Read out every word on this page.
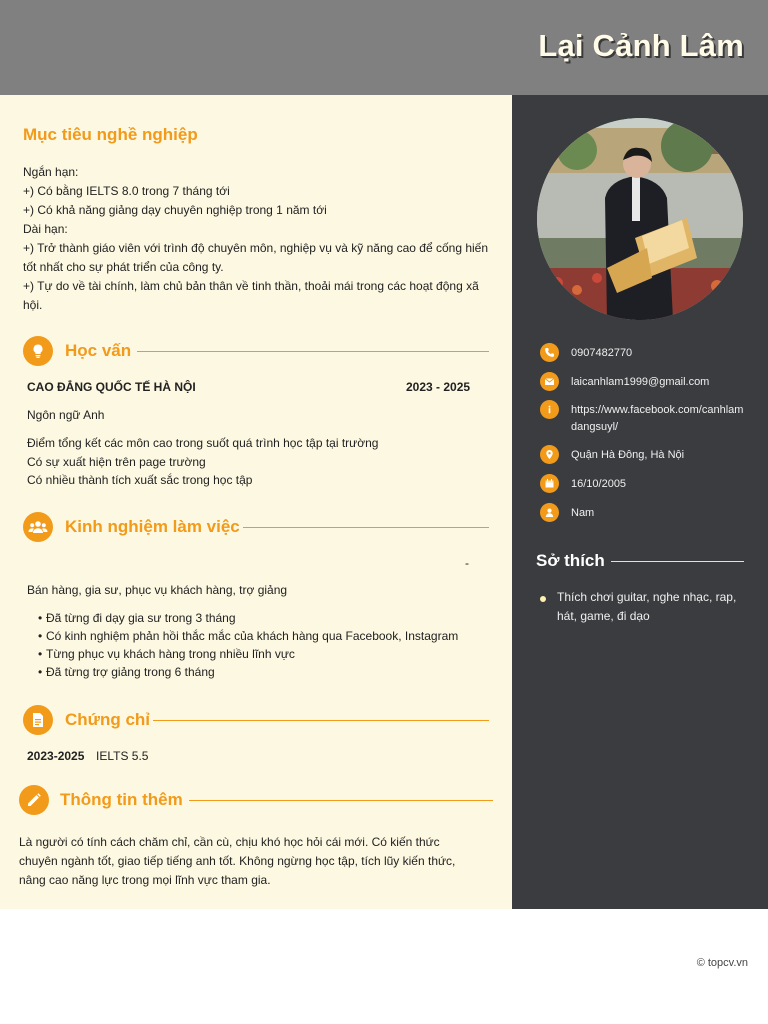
Lại Cảnh Lâm
Mục tiêu nghề nghiệp
Ngắn hạn:
+) Có bằng IELTS 8.0 trong 7 tháng tới
+) Có khả năng giảng dạy chuyên nghiệp trong 1 năm tới
Dài hạn:
+) Trở thành giáo viên với trình độ chuyên môn, nghiệp vụ và kỹ năng cao để cống hiến tốt nhất cho sự phát triển của công ty.
+) Tự do về tài chính, làm chủ bản thân về tinh thần, thoải mái trong các hoạt động xã hội.
Học vấn
CAO ĐẲNG QUỐC TẾ HÀ NỘI	2023 - 2025
Ngôn ngữ Anh
Điểm tổng kết các môn cao trong suốt quá trình học tập tại trường
Có sự xuất hiện trên page trường
Có nhiều thành tích xuất sắc trong học tập
Kinh nghiệm làm việc
-
Bán hàng, gia sư, phục vụ khách hàng, trợ giảng
• Đã từng đi dạy gia sư trong 3 tháng
• Có kinh nghiệm phản hồi thắc mắc của khách hàng qua Facebook, Instagram
• Từng phục vụ khách hàng trong nhiều lĩnh vực
• Đã từng trợ giảng trong 6 tháng
Chứng chỉ
2023-2025 IELTS 5.5
Thông tin thêm
Là người có tính cách chăm chỉ, cần cù, chịu khó học hỏi cái mới. Có kiến thức chuyên ngành tốt, giao tiếp tiếng anh tốt. Không ngừng học tập, tích lũy kiến thức, nâng cao năng lực trong mọi lĩnh vực tham gia.
0907482770
laicanhlam1999@gmail.com
https://www.facebook.com/canhlamdangsuyl/
Quận Hà Đông, Hà Nội
16/10/2005
Nam
Sở thích
Thích chơi guitar, nghe nhạc, rap, hát, game, đi dạo
© topcv.vn
